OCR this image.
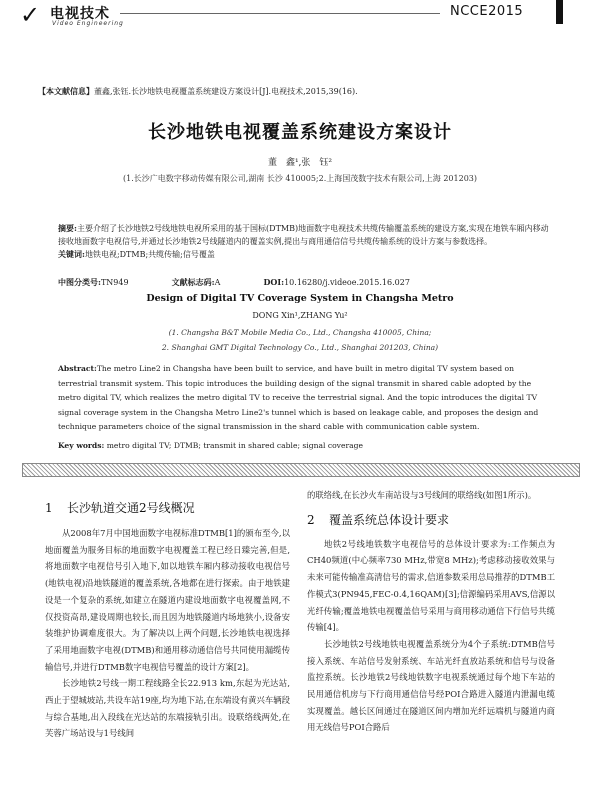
✓ 电视技术
Video Engineering
NCCE2015
【本文献信息】董鑫,张钰.长沙地铁电视覆盖系统建设方案设计[J].电视技术,2015,39(16).
长沙地铁电视覆盖系统建设方案设计
董　鑫¹,张　钰²
(1.长沙广电数字移动传媒有限公司,湖南 长沙 410005;2.上海国茂数字技术有限公司,上海 201203)
摘要:主要介绍了长沙地铁2号线地铁电视所采用的基于国标(DTMB)地面数字电视技术共缆传输覆盖系统的建设方案,实现在地铁车厢内移动接收地面数字电视信号,并通过长沙地铁2号线隧道内的覆盖实例,提出与商用通信信号共缆传输系统的设计方案与参数选择。
关键词:地铁电视;DTMB;共缆传输;信号覆盖
中图分类号:TN949	文献标志码:A	DOI:10.16280/j.videoe.2015.16.027
Design of Digital TV Coverage System in Changsha Metro
DONG Xin¹,ZHANG Yu²
(1. Changsha B&T Mobile Media Co., Ltd., Changsha 410005, China;
2. Shanghai GMT Digital Technology Co., Ltd., Shanghai 201203, China)
Abstract:The metro Line2 in Changsha have been built to service, and have built in metro digital TV system based on terrestrial transmit system. This topic introduces the building design of the signal transmit in shared cable adopted by the metro digital TV, which realizes the metro digital TV to receive the terrestrial signal. And the topic introduces the digital TV signal coverage system in the Changsha Metro Line2's tunnel which is based on leakage cable, and proposes the design and technique parameters choice of the signal transmission in the shard cable with communication cable system.
Key words: metro digital TV; DTMB; transmit in shared cable; signal coverage

1 长沙轨道交通2号线概况

从2008年7月中国地面数字电视标准DTMB[1]的颁布至今,以地面覆盖为服务目标的地面数字电视覆盖工程已经日臻完善,但是,将地面数字电视信号引入地下,如以地铁车厢内移动接收电视信号(地铁电视)沿地铁隧道的覆盖系统,各地都在进行探索。由于地铁建设是一个复杂的系统,如建立在隧道内建设地面数字电视覆盖网,不仅投资高昂,建设周期也较长,而且因为地铁隧道内场地狭小,设备安装维护协调难度很大。为了解决以上两个问题,长沙地铁电视选择了采用地面数字电视(DTMB)和通用移动通信信号共同使用漏缆传输信号,并进行DTMB数字电视信号覆盖的设计方案[2]。

长沙地铁2号线一期工程线路全长22.913 km,东起为光达站,西止于望城坡站,共设车站19座,均为地下站,在东端设有黄兴车辆段与综合基地,出入段线在光达站的东端接轨引出。设联络线两处,在芙蓉广场站设与1号线间

的联络线,在长沙火车南站设与3号线间的联络线(如图1所示)。

2 覆盖系统总体设计要求

地铁2号线地铁数字电视信号的总体设计要求为:工作频点为CH40频道(中心频率730 MHz,带宽8 MHz);考虑移动接收效果与未来可能传输准高清信号的需求,信道参数采用总局推荐的DTMB工作模式3(PN945,FEC-0.4,16QAM)[3];信源编码采用AVS,信源以光纤传输;覆盖地铁电视覆盖信号采用与商用移动通信下行信号共缆传输[4]。

长沙地铁2号线地铁电视覆盖系统分为4个子系统:DTMB信号接入系统、车站信号发射系统、车站光纤直放站系统和信号与设备监控系统。长沙地铁2号线地铁数字电视系统通过每个地下车站的民用通信机房与下行商用通信信号经POI合路进入隧道内泄漏电缆实现覆盖。越长区间通过在隧道区间内增加光纤远端机与隧道内商用无线信号POI合路后
